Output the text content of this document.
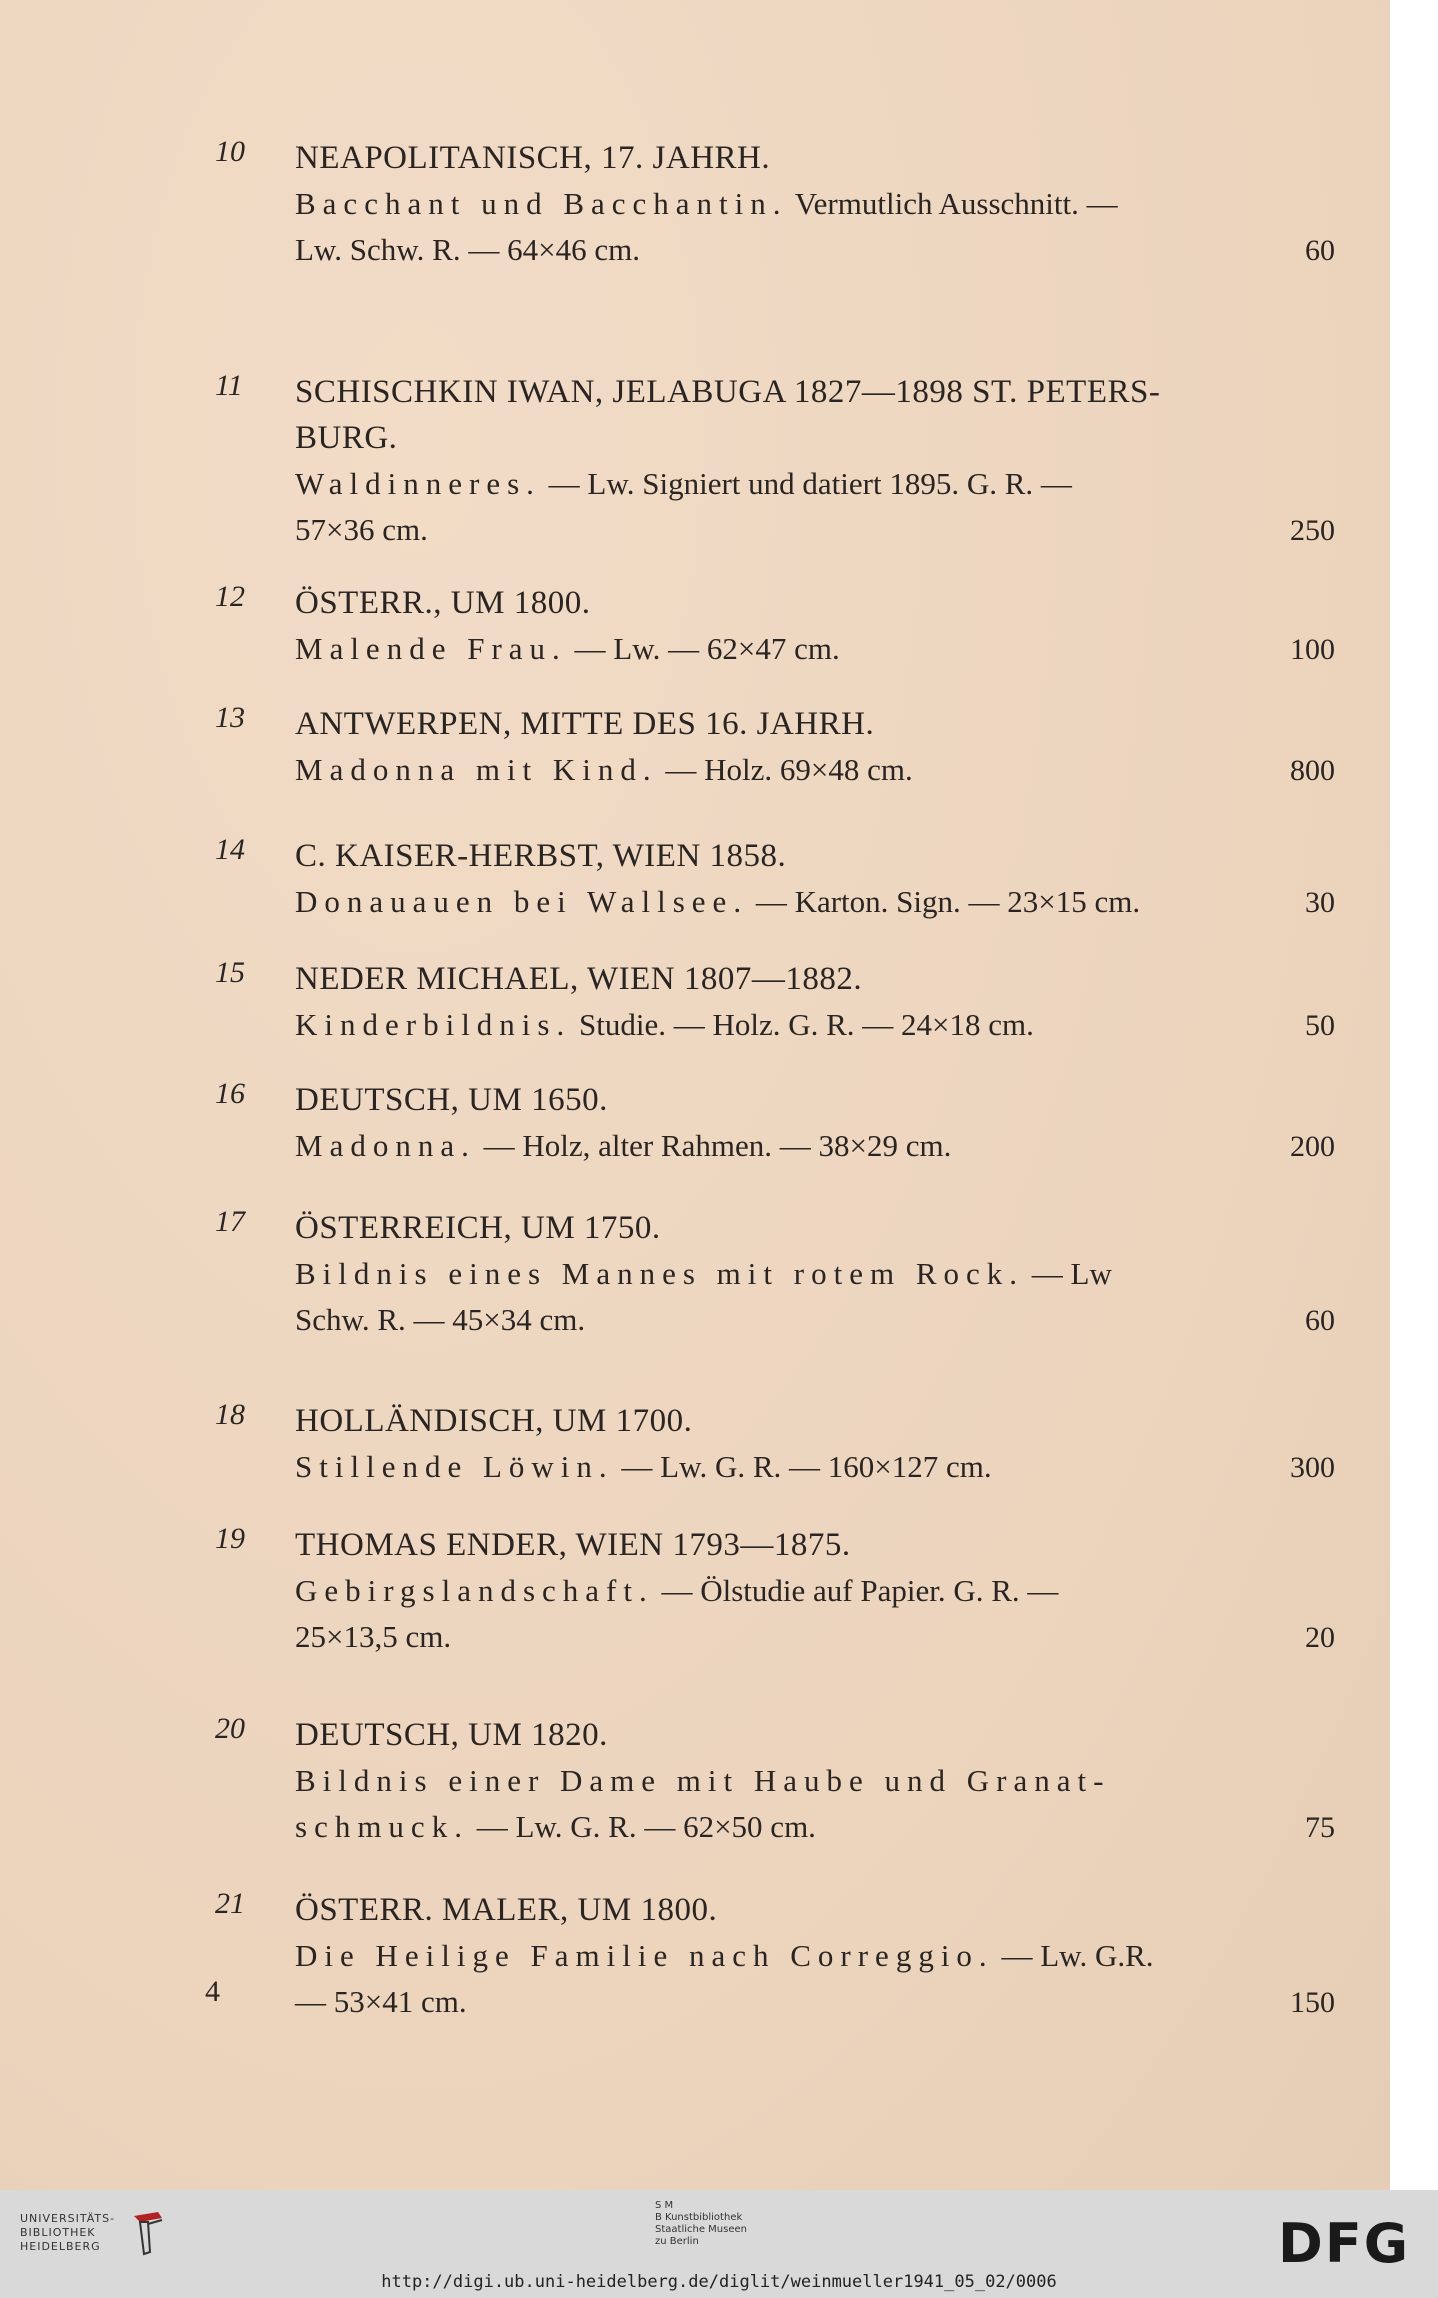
10	NEAPOLITANISCH, 17. JAHRH.
Bacchant und Bacchantin. Vermutlich Ausschnitt. —
Lw. Schw. R. — 64×46 cm.	60
11	SCHISCHKIN IWAN, JELABUGA 1827—1898 ST. PETERS-
BURG.
Waldinneres. — Lw. Signiert und datiert 1895. G. R. —
57×36 cm.	250
12	ÖSTERR., UM 1800.
Malende Frau. — Lw. — 62×47 cm.	100
13	ANTWERPEN, MITTE DES 16. JAHRH.
Madonna mit Kind. — Holz. 69×48 cm.	800
14	C. KAISER-HERBST, WIEN 1858.
Donauauen bei Wallsee. — Karton. Sign. — 23×15 cm.	30
15	NEDER MICHAEL, WIEN 1807—1882.
Kinderbildnis. Studie. — Holz. G. R. — 24×18 cm.	50
16	DEUTSCH, UM 1650.
Madonna. — Holz, alter Rahmen. — 38×29 cm.	200
17	ÖSTERREICH, UM 1750.
Bildnis eines Mannes mit rotem Rock. — Lw
Schw. R. — 45×34 cm.	60
18	HOLLÄNDISCH, UM 1700.
Stillende Löwin. — Lw. G. R. — 160×127 cm.	300
19	THOMAS ENDER, WIEN 1793—1875.
Gebirgslandschaft. — Ölstudie auf Papier. G. R. —
25×13,5 cm.	20
20	DEUTSCH, UM 1820.
Bildnis einer Dame mit Haube und Granat-
schmuck. — Lw. G. R. — 62×50 cm.	75
21	ÖSTERR. MALER, UM 1800.
Die Heilige Familie nach Correggio. — Lw. G.R.
— 53×41 cm.	150
4
UNIVERSITÄTS-
BIBLIOTHEK
HEIDELBERG
S M
B Kunstbibliothek
Staatliche Museen
zu Berlin	DFG
http://digi.ub.uni-heidelberg.de/diglit/weinmueller1941_05_02/0006
